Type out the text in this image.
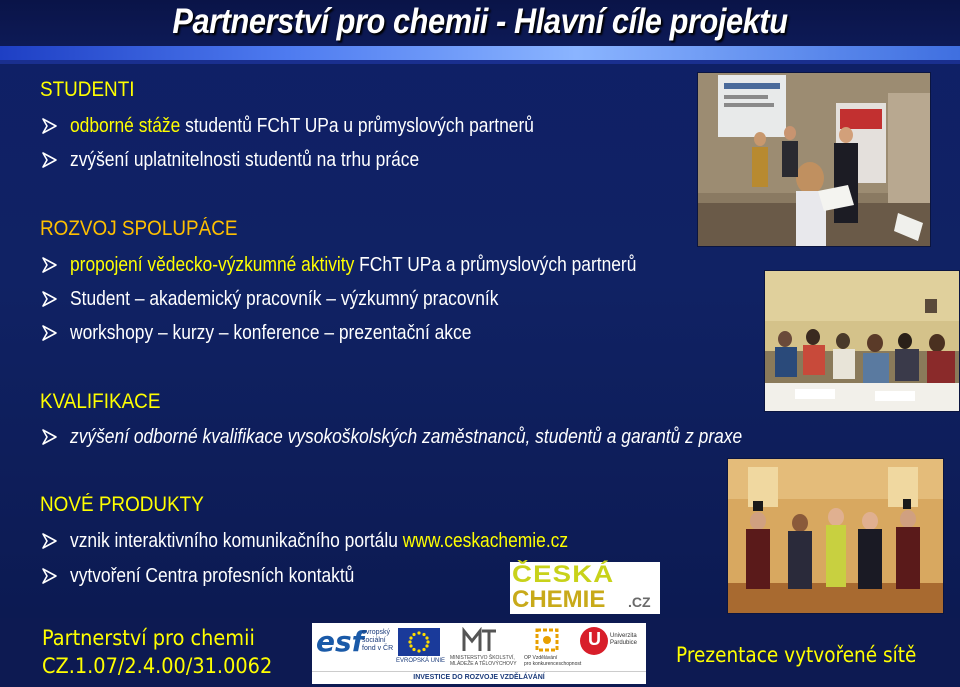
Partnerství pro chemii - Hlavní cíle projektu
STUDENTI
odborné stáže studentů FChT UPa u průmyslových partnerů
zvýšení uplatnitelnosti studentů na trhu práce
ROZVOJ SPOLUPÁCE
propojení vědecko-výzkumné aktivity FChT UPa a průmyslových partnerů
Student – akademický pracovník – výzkumný pracovník
workshopy – kurzy – konference – prezentační akce
KVALIFIKACE
zvýšení odborné kvalifikace vysokoškolských zaměstnanců, studentů a garantů z praxe
NOVÉ PRODUKTY
vznik interaktivního komunikačního portálu www.ceskachemie.cz
vytvoření Centra profesních kontaktů	ČESKÁ
CHEMIE .CZ
Partnerství pro chemii
CZ.1.07/2.4.00/31.0062	Prezentace vytvořené sítě
esf
evropský
sociální
fond v ČR
EVROPSKÁ UNIE MINISTERSTVO ŠKOLSTVÍ,
MLÁDEŽE A TĚLOVÝCHOVY
OP Vzdělávání
pro konkurenceschopnost
U Univerzita
Pardubice
INVESTICE DO ROZVOJE VZDĚLÁVÁNÍ
